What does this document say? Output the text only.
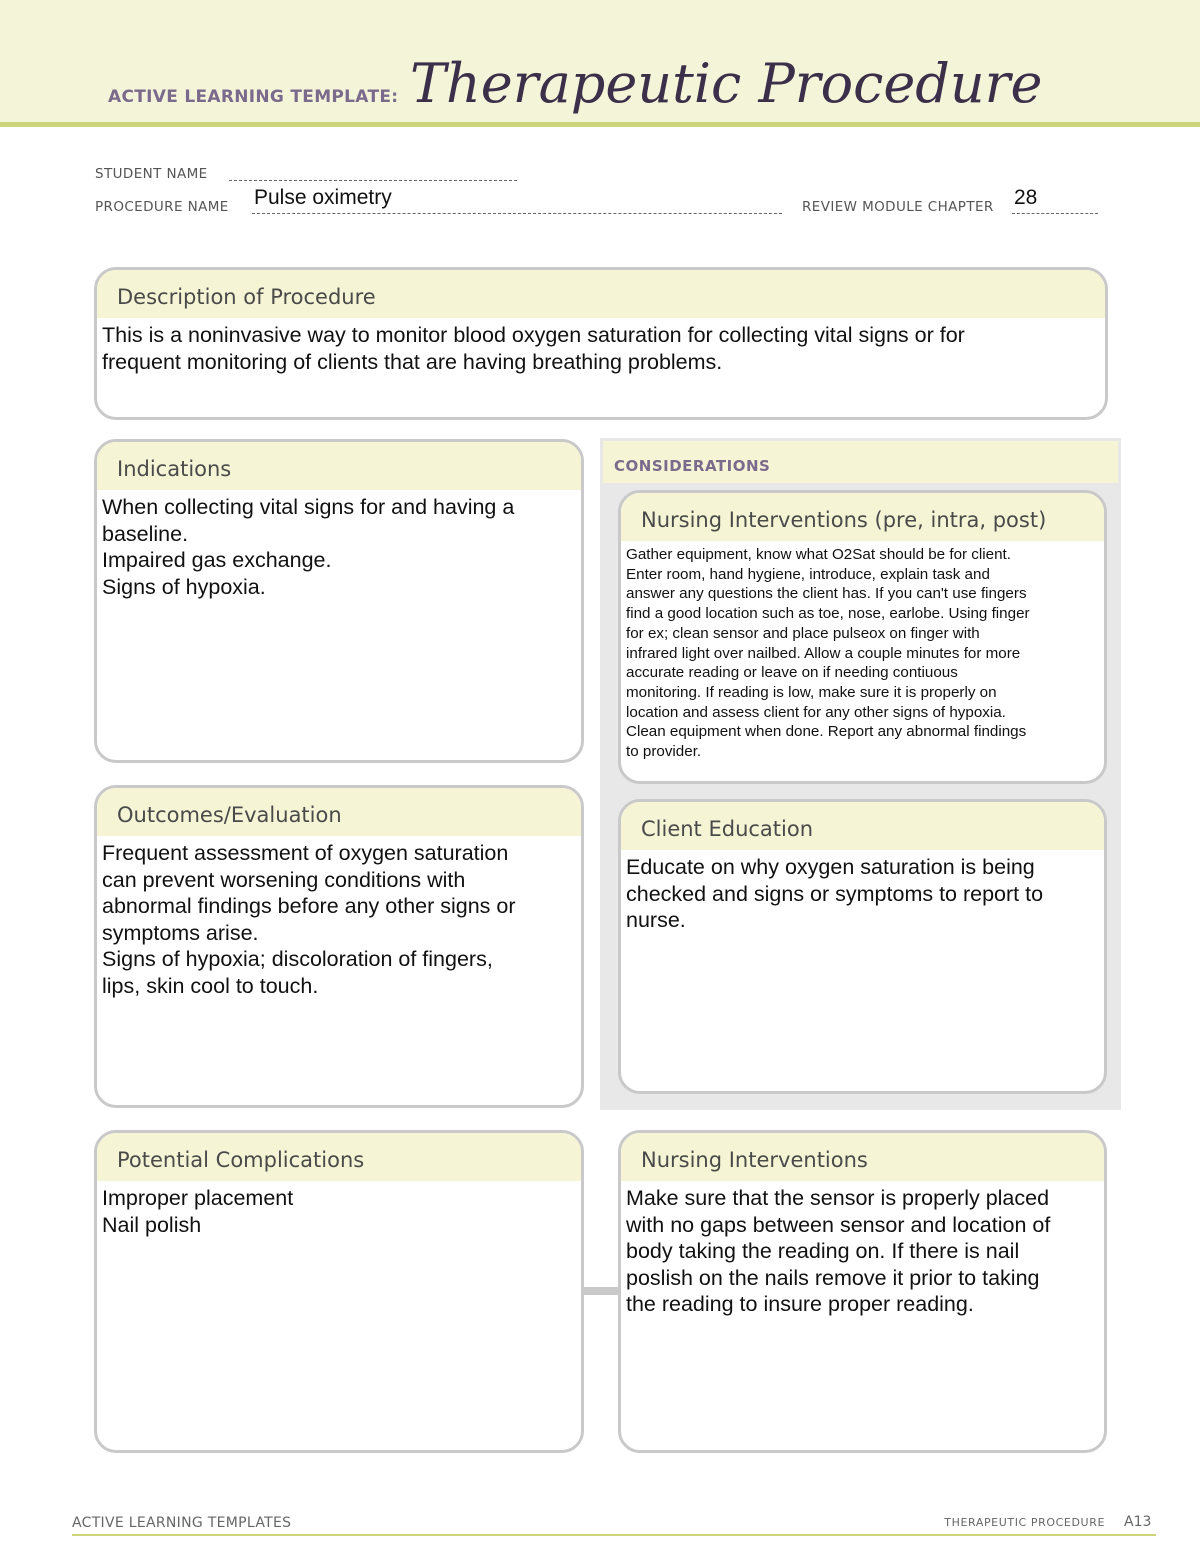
ACTIVE LEARNING TEMPLATE: Therapeutic Procedure
STUDENT NAME
PROCEDURE NAME Pulse oximetry	REVIEW MODULE CHAPTER 28
Description of Procedure
This is a noninvasive way to monitor blood oxygen saturation for collecting vital signs or for
frequent monitoring of clients that are having breathing problems.
CONSIDERATIONS
Indications
When collecting vital signs for and having a
baseline.
Impaired gas exchange.
Signs of hypoxia.
Nursing Interventions (pre, intra, post)
Gather equipment, know what O2Sat should be for client.
Enter room, hand hygiene, introduce, explain task and
answer any questions the client has. If you can't use fingers
find a good location such as toe, nose, earlobe. Using finger
for ex; clean sensor and place pulseox on finger with
infrared light over nailbed. Allow a couple minutes for more
accurate reading or leave on if needing contiuous
monitoring. If reading is low, make sure it is properly on
location and assess client for any other signs of hypoxia.
Clean equipment when done. Report any abnormal findings
to provider.
Outcomes/Evaluation
Frequent assessment of oxygen saturation
can prevent worsening conditions with
abnormal findings before any other signs or
symptoms arise.
Signs of hypoxia; discoloration of fingers,
lips, skin cool to touch.
Client Education
Educate on why oxygen saturation is being
checked and signs or symptoms to report to
nurse.
Potential Complications
Improper placement
Nail polish
Nursing Interventions
Make sure that the sensor is properly placed
with no gaps between sensor and location of
body taking the reading on. If there is nail
poslish on the nails remove it prior to taking
the reading to insure proper reading.
ACTIVE LEARNING TEMPLATES	THERAPEUTIC PROCEDURE A13
